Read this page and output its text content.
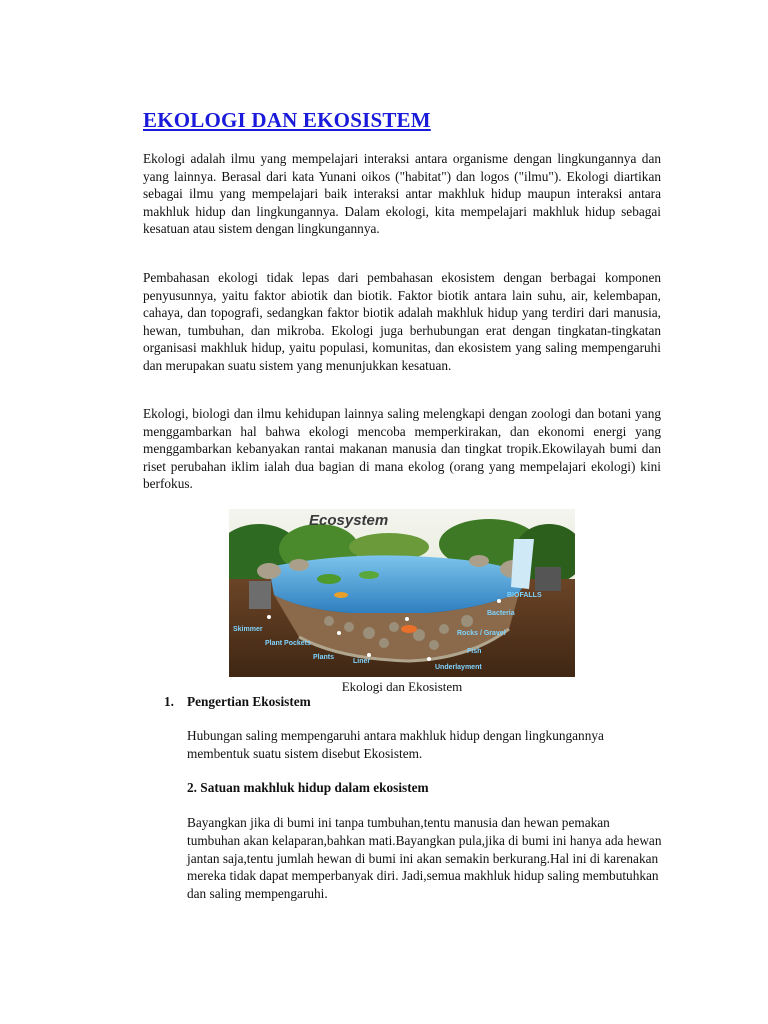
EKOLOGI DAN EKOSISTEM

Ekologi adalah ilmu yang mempelajari interaksi antara organisme dengan lingkungannya dan yang lainnya. Berasal dari kata Yunani oikos ("habitat") dan logos ("ilmu"). Ekologi diartikan sebagai ilmu yang mempelajari baik interaksi antar makhluk hidup maupun interaksi antara makhluk hidup dan lingkungannya. Dalam ekologi, kita mempelajari makhluk hidup sebagai kesatuan atau sistem dengan lingkungannya.

Pembahasan ekologi tidak lepas dari pembahasan ekosistem dengan berbagai komponen penyusunnya, yaitu faktor abiotik dan biotik. Faktor biotik antara lain suhu, air, kelembapan, cahaya, dan topografi, sedangkan faktor biotik adalah makhluk hidup yang terdiri dari manusia, hewan, tumbuhan, dan mikroba. Ekologi juga berhubungan erat dengan tingkatan-tingkatan organisasi makhluk hidup, yaitu populasi, komunitas, dan ekosistem yang saling mempengaruhi dan merupakan suatu sistem yang menunjukkan kesatuan.

Ekologi, biologi dan ilmu kehidupan lainnya saling melengkapi dengan zoologi dan botani yang menggambarkan hal bahwa ekologi mencoba memperkirakan, dan ekonomi energi yang menggambarkan kebanyakan rantai makanan manusia dan tingkat tropik.Ekowilayah bumi dan riset perubahan iklim ialah dua bagian di mana ekolog (orang yang mempelajari ekologi) kini berfokus.

Ecosystem
BIOFALLS
Bacteria
Skimmer
Rocks / Gravel
Plant Pockets
Fish
Plants
Liner
Underlayment
Ekologi dan Ekosistem
1. Pengertian Ekosistem

Hubungan saling mempengaruhi antara makhluk hidup dengan lingkungannya membentuk suatu sistem disebut Ekosistem.

2. Satuan makhluk hidup dalam ekosistem

Bayangkan jika di bumi ini tanpa tumbuhan,tentu manusia dan hewan pemakan tumbuhan akan kelaparan,bahkan mati.Bayangkan pula,jika di bumi ini hanya ada hewan jantan saja,tentu jumlah hewan di bumi ini akan semakin berkurang.Hal ini di karenakan mereka tidak dapat memperbanyak diri. Jadi,semua makhluk hidup saling membutuhkan dan saling mempengaruhi.
